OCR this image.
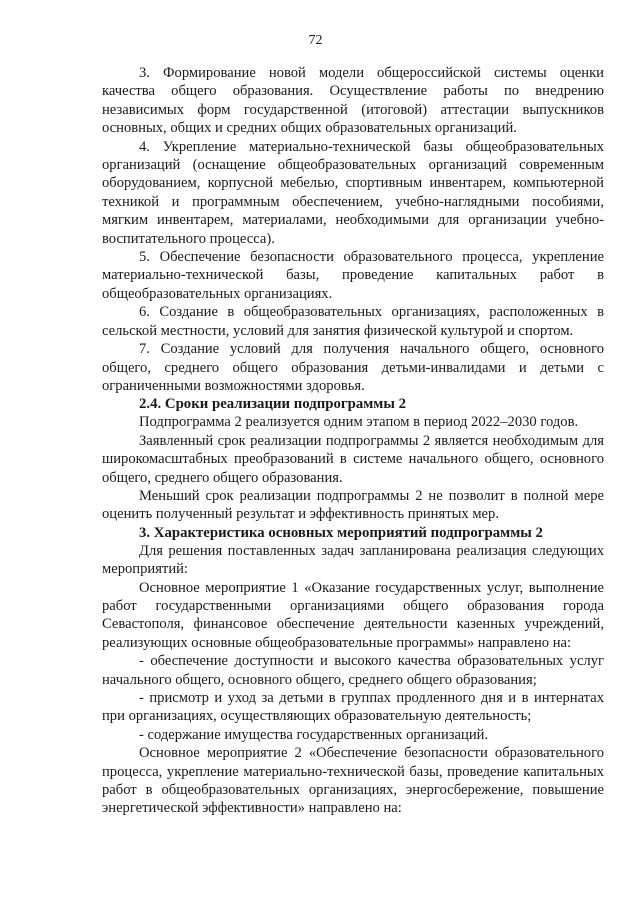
72

3. Формирование новой модели общероссийской системы оценки качества общего образования. Осуществление работы по внедрению независимых форм государственной (итоговой) аттестации выпускников основных, общих и средних общих образовательных организаций.

4. Укрепление материально-технической базы общеобразовательных организаций (оснащение общеобразовательных организаций современным оборудованием, корпусной мебелью, спортивным инвентарем, компьютерной техникой и программным обеспечением, учебно-наглядными пособиями, мягким инвентарем, материалами, необходимыми для организации учебно-воспитательного процесса).

5. Обеспечение безопасности образовательного процесса, укрепление материально-технической базы, проведение капитальных работ в общеобразовательных организациях.

6. Создание в общеобразовательных организациях, расположенных в сельской местности, условий для занятия физической культурой и спортом.

7. Создание условий для получения начального общего, основного общего, среднего общего образования детьми-инвалидами и детьми с ограниченными возможностями здоровья.

2.4. Сроки реализации подпрограммы 2

Подпрограмма 2 реализуется одним этапом в период 2022–2030 годов.

Заявленный срок реализации подпрограммы 2 является необходимым для широкомасштабных преобразований в системе начального общего, основного общего, среднего общего образования.

Меньший срок реализации подпрограммы 2 не позволит в полной мере оценить полученный результат и эффективность принятых мер.

3. Характеристика основных мероприятий подпрограммы 2

Для решения поставленных задач запланирована реализация следующих мероприятий:

Основное мероприятие 1 «Оказание государственных услуг, выполнение работ государственными организациями общего образования города Севастополя, финансовое обеспечение деятельности казенных учреждений, реализующих основные общеобразовательные программы» направлено на:

- обеспечение доступности и высокого качества образовательных услуг начального общего, основного общего, среднего общего образования;

- присмотр и уход за детьми в группах продленного дня и в интернатах при организациях, осуществляющих образовательную деятельность;

- содержание имущества государственных организаций.

Основное мероприятие 2 «Обеспечение безопасности образовательного процесса, укрепление материально-технической базы, проведение капитальных работ в общеобразовательных организациях, энергосбережение, повышение энергетической эффективности» направлено на:
